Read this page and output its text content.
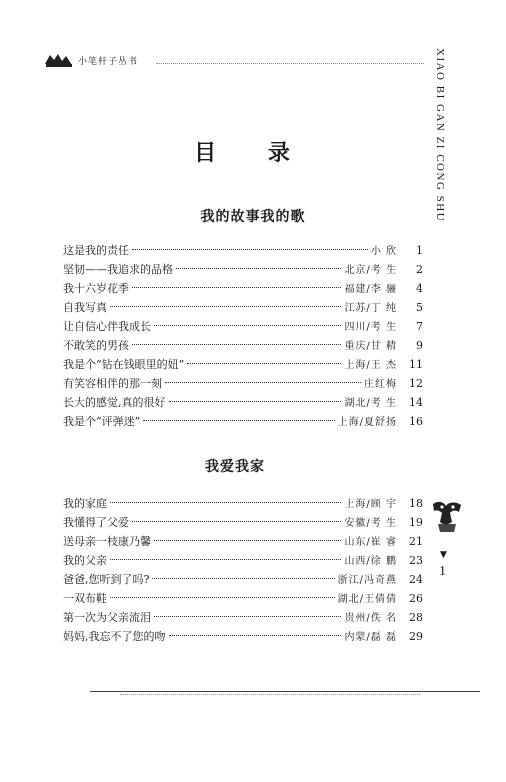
小笔杆子丛书	XIAO BI GAN ZI CONG SHU
目 录
我的故事我的歌
这是我的责任	小 欣	1
坚韧——我追求的品格	北京/考 生	2
我十六岁花季	福建/李 骊	4
自我写真	江苏/丁 纯	5
让自信心伴我成长	四川/考 生	7
不敢笑的男孩	重庆/甘 精	9
我是个“钻在钱眼里的妞”	上海/王 杰	11
有笑容相伴的那一刻	庄红梅	12
长大的感觉,真的很好	湖北/考 生	14
我是个“评弹迷”	上海/夏舒扬	16
我爱我家
我的家庭	上海/顾 宇	18
我懂得了父爱	安徽/考 生	19
送母亲一枝康乃馨	山东/崔 睿	21
我的父亲	山西/徐 鹏	23
爸爸,您听到了吗?	浙江/冯奇燕	24
一双布鞋	湖北/王倩倩	26
第一次为父亲流泪	贵州/佚 名	28
妈妈,我忘不了您的吻	内蒙/磊 磊	29
▼
1
